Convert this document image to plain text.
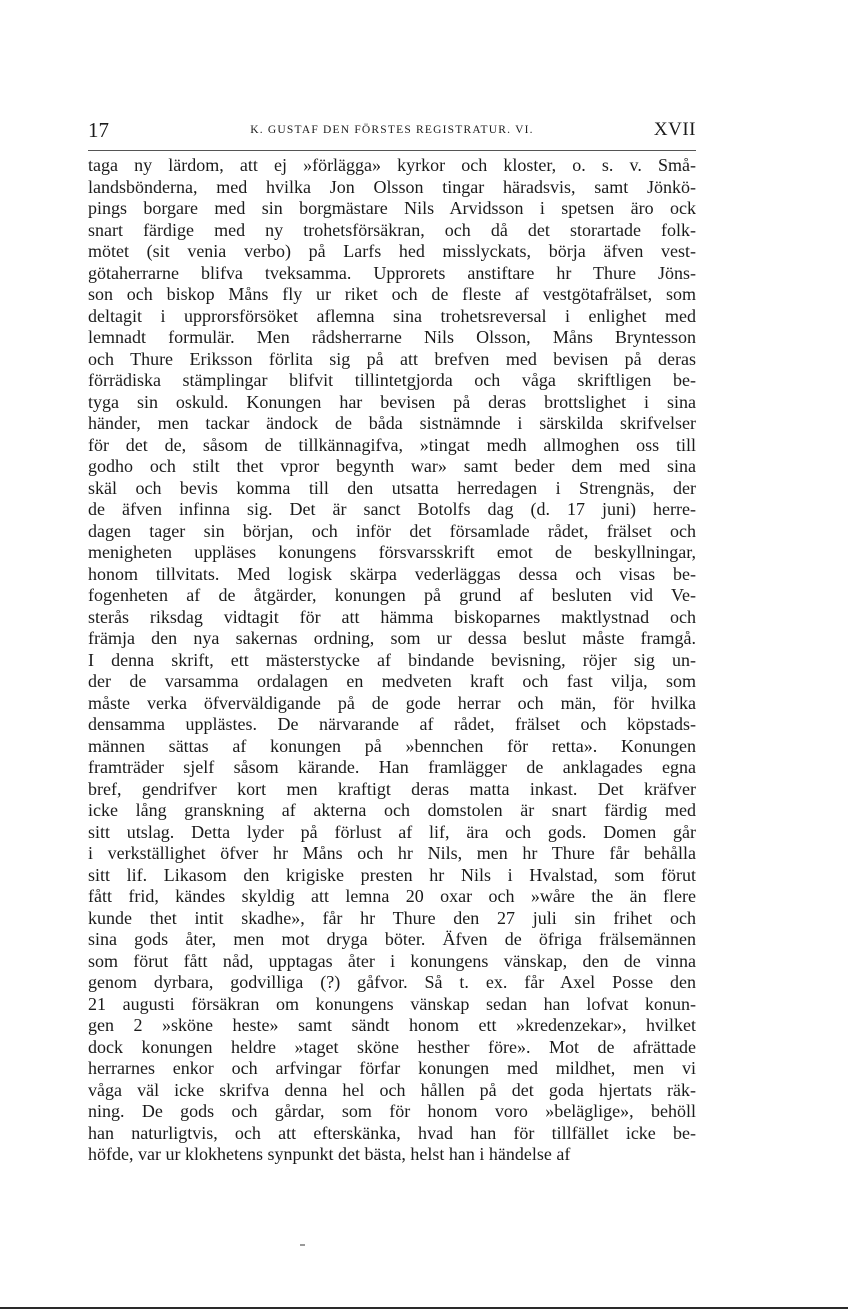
17	K. GUSTAF DEN FÖRSTES REGISTRATUR. VI.	XVII
taga ny lärdom, att ej »förlägga» kyrkor och kloster, o. s. v. Små-
landsbönderna, med hvilka Jon Olsson tingar häradsvis, samt Jönkö-
pings borgare med sin borgmästare Nils Arvidsson i spetsen äro ock
snart färdige med ny trohetsförsäkran, och då det storartade folk-
mötet (sit venia verbo) på Larfs hed misslyckats, börja äfven vest-
götaherrarne blifva tveksamma. Upprorets anstiftare hr Thure Jöns-
son och biskop Måns fly ur riket och de fleste af vestgötafrälset, som
deltagit i upprorsförsöket aflemna sina trohetsreversal i enlighet med
lemnadt formulär. Men rådsherrarne Nils Olsson, Måns Bryntesson
och Thure Eriksson förlita sig på att brefven med bevisen på deras
förrädiska stämplingar blifvit tillintetgjorda och våga skriftligen be-
tyga sin oskuld. Konungen har bevisen på deras brottslighet i sina
händer, men tackar ändock de båda sistnämnde i särskilda skrifvelser
för det de, såsom de tillkännagifva, »tingat medh allmoghen oss till
godho och stilt thet vpror begynth war» samt beder dem med sina
skäl och bevis komma till den utsatta herredagen i Strengnäs, der
de äfven infinna sig. Det är sanct Botolfs dag (d. 17 juni) herre-
dagen tager sin början, och inför det församlade rådet, frälset och
menigheten uppläses konungens försvarsskrift emot de beskyllningar,
honom tillvitats. Med logisk skärpa vederläggas dessa och visas be-
fogenheten af de åtgärder, konungen på grund af besluten vid Ve-
sterås riksdag vidtagit för att hämma biskoparnes maktlystnad och
främja den nya sakernas ordning, som ur dessa beslut måste framgå.
I denna skrift, ett mästerstycke af bindande bevisning, röjer sig un-
der de varsamma ordalagen en medveten kraft och fast vilja, som
måste verka öfverväldigande på de gode herrar och män, för hvilka
densamma upplästes. De närvarande af rådet, frälset och köpstads-
männen sättas af konungen på »bennchen för retta». Konungen
framträder sjelf såsom kärande. Han framlägger de anklagades egna
bref, gendrifver kort men kraftigt deras matta inkast. Det kräfver
icke lång granskning af akterna och domstolen är snart färdig med
sitt utslag. Detta lyder på förlust af lif, ära och gods. Domen går
i verkställighet öfver hr Måns och hr Nils, men hr Thure får behålla
sitt lif. Likasom den krigiske presten hr Nils i Hvalstad, som förut
fått frid, kändes skyldig att lemna 20 oxar och »wåre the än flere
kunde thet intit skadhe», får hr Thure den 27 juli sin frihet och
sina gods åter, men mot dryga böter. Äfven de öfriga frälsemännen
som förut fått nåd, upptagas åter i konungens vänskap, den de vinna
genom dyrbara, godvilliga (?) gåfvor. Så t. ex. får Axel Posse den
21 augusti försäkran om konungens vänskap sedan han lofvat konun-
gen 2 »sköne heste» samt sändt honom ett »kredenzekar», hvilket
dock konungen heldre »taget sköne hesther före». Mot de afrättade
herrarnes enkor och arfvingar förfar konungen med mildhet, men vi
våga väl icke skrifva denna hel och hållen på det goda hjertats räk-
ning. De gods och gårdar, som för honom voro »beläglige», behöll
han naturligtvis, och att efterskänka, hvad han för tillfället icke be-
höfde, var ur klokhetens synpunkt det bästa, helst han i händelse af
